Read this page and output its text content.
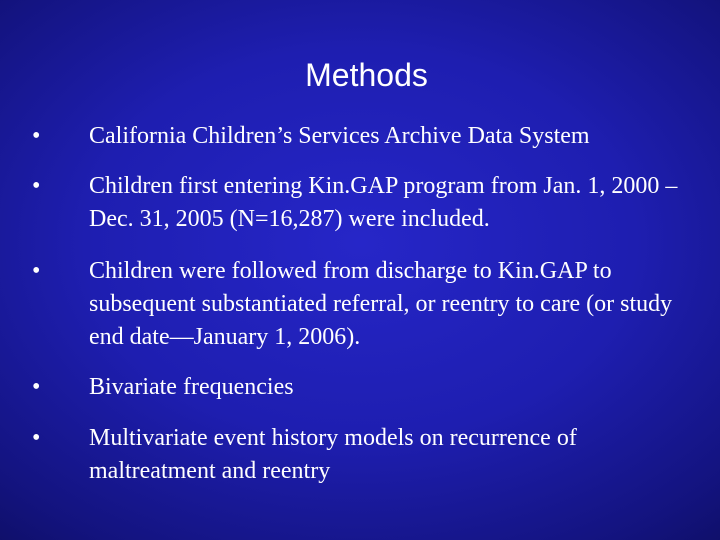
Methods
• California Children’s Services Archive Data System
• Children first entering Kin.GAP program from Jan. 1, 2000 – Dec. 31, 2005 (N=16,287) were included.
• Children were followed from discharge to Kin.GAP to subsequent substantiated referral, or reentry to care (or study end date—January 1, 2006).
• Bivariate frequencies
• Multivariate event history models on recurrence of maltreatment and reentry
